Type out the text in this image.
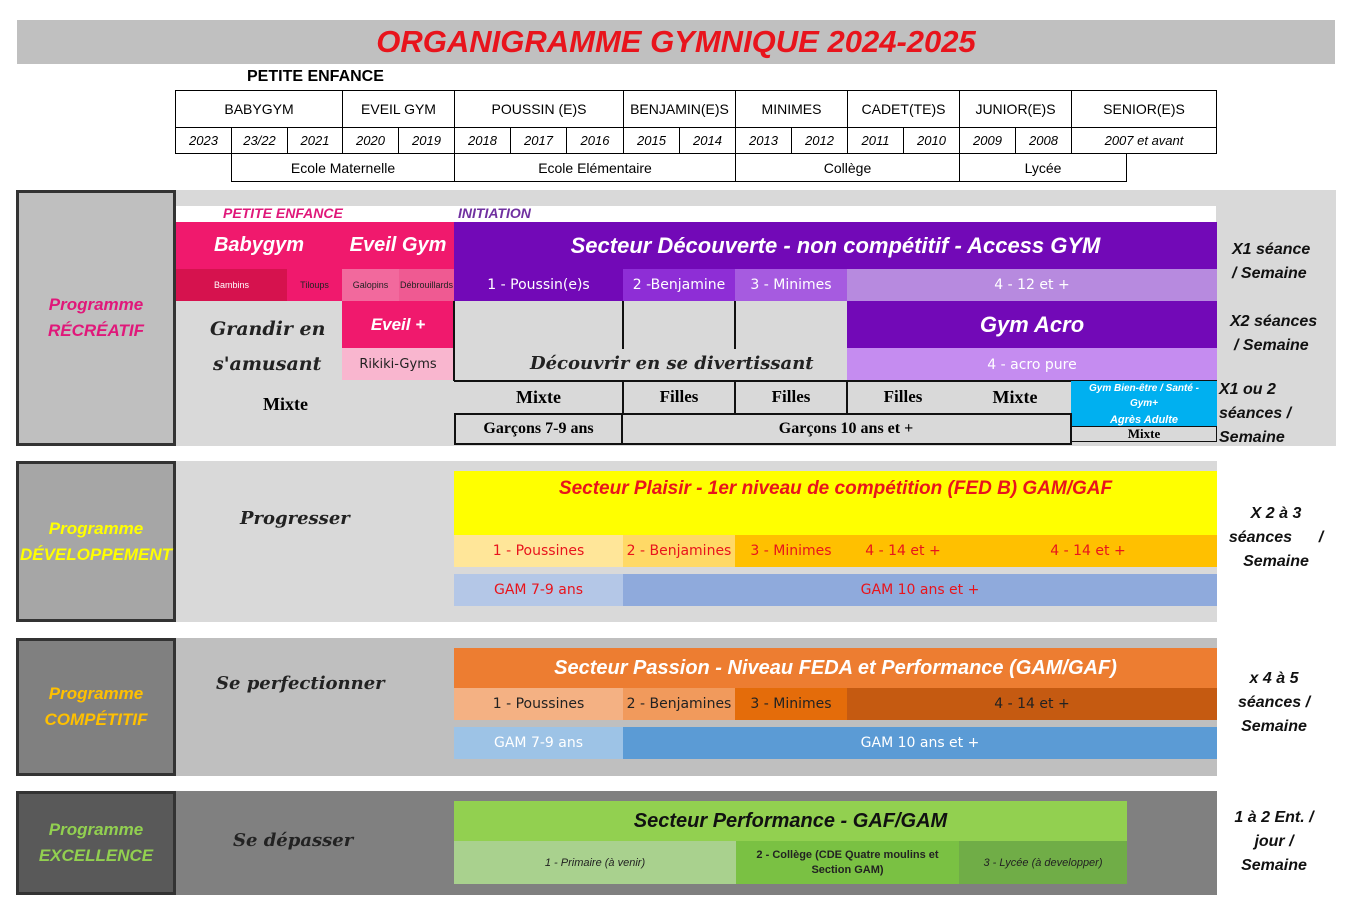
ORGANIGRAMME GYMNIQUE 2024-2025
PETITE ENFANCE
BABYGYM	EVEIL GYM	POUSSIN (E)S	BENJAMIN(E)S	MINIMES	CADET(TE)S	JUNIOR(E)S	SENIOR(E)S
2023	23/22	2021	2020	2019	2018	2017	2016	2015	2014	2013	2012	2011	2010	2009	2008	2007 et avant
Ecole Maternelle	Ecole Elémentaire	Collège	Lycée
Programme
RÉCRÉATIF
PETITE ENFANCE	INITIATION
Babygym	Eveil Gym	Secteur Découverte - non compétitif - Access GYM
Bambins	Tiloups	Galopins	Débrouillards	1 - Poussin(e)s	2 -Benjamine	3 - Minimes	4 - 12 et +
Grandir en
s'amusant
Eveil +
Rikiki-Gyms	Découvrir en se divertissant
Gym Acro
4 - acro pure
Mixte	Mixte	Filles	Filles	Filles	Mixte	Gym Bien-être / Santé - Gym+
Agrès Adulte
Mixte
Garçons 7-9 ans	Garçons 10 ans et +
X1 séance
/ Semaine
X2 séances
/ Semaine
X1 ou 2
séances /
Semaine
Programme
DÉVELOPPEMENT
Progresser
Secteur Plaisir - 1er niveau de compétition (FED B) GAM/GAF
1 - Poussines	2 - Benjamines	3 - Minimes	4 - 14 et +	4 - 14 et +
GAM 7-9 ans	GAM 10 ans et +
X 2 à 3
séances      /
Semaine
Programme
COMPÉTITIF
Se perfectionner
Secteur Passion - Niveau FEDA et Performance (GAM/GAF)
1 - Poussines	2 - Benjamines	3 - Minimes	4 - 14 et +
GAM 7-9 ans	GAM 10 ans et +
x 4 à 5
séances /
Semaine
Programme
EXCELLENCE
Se dépasser
Secteur Performance - GAF/GAM
1 - Primaire (à venir)
2 - Collège (CDE Quatre moulins et Section GAM)
3 - Lycée (à developper)
1 à 2 Ent. /
jour /
Semaine
